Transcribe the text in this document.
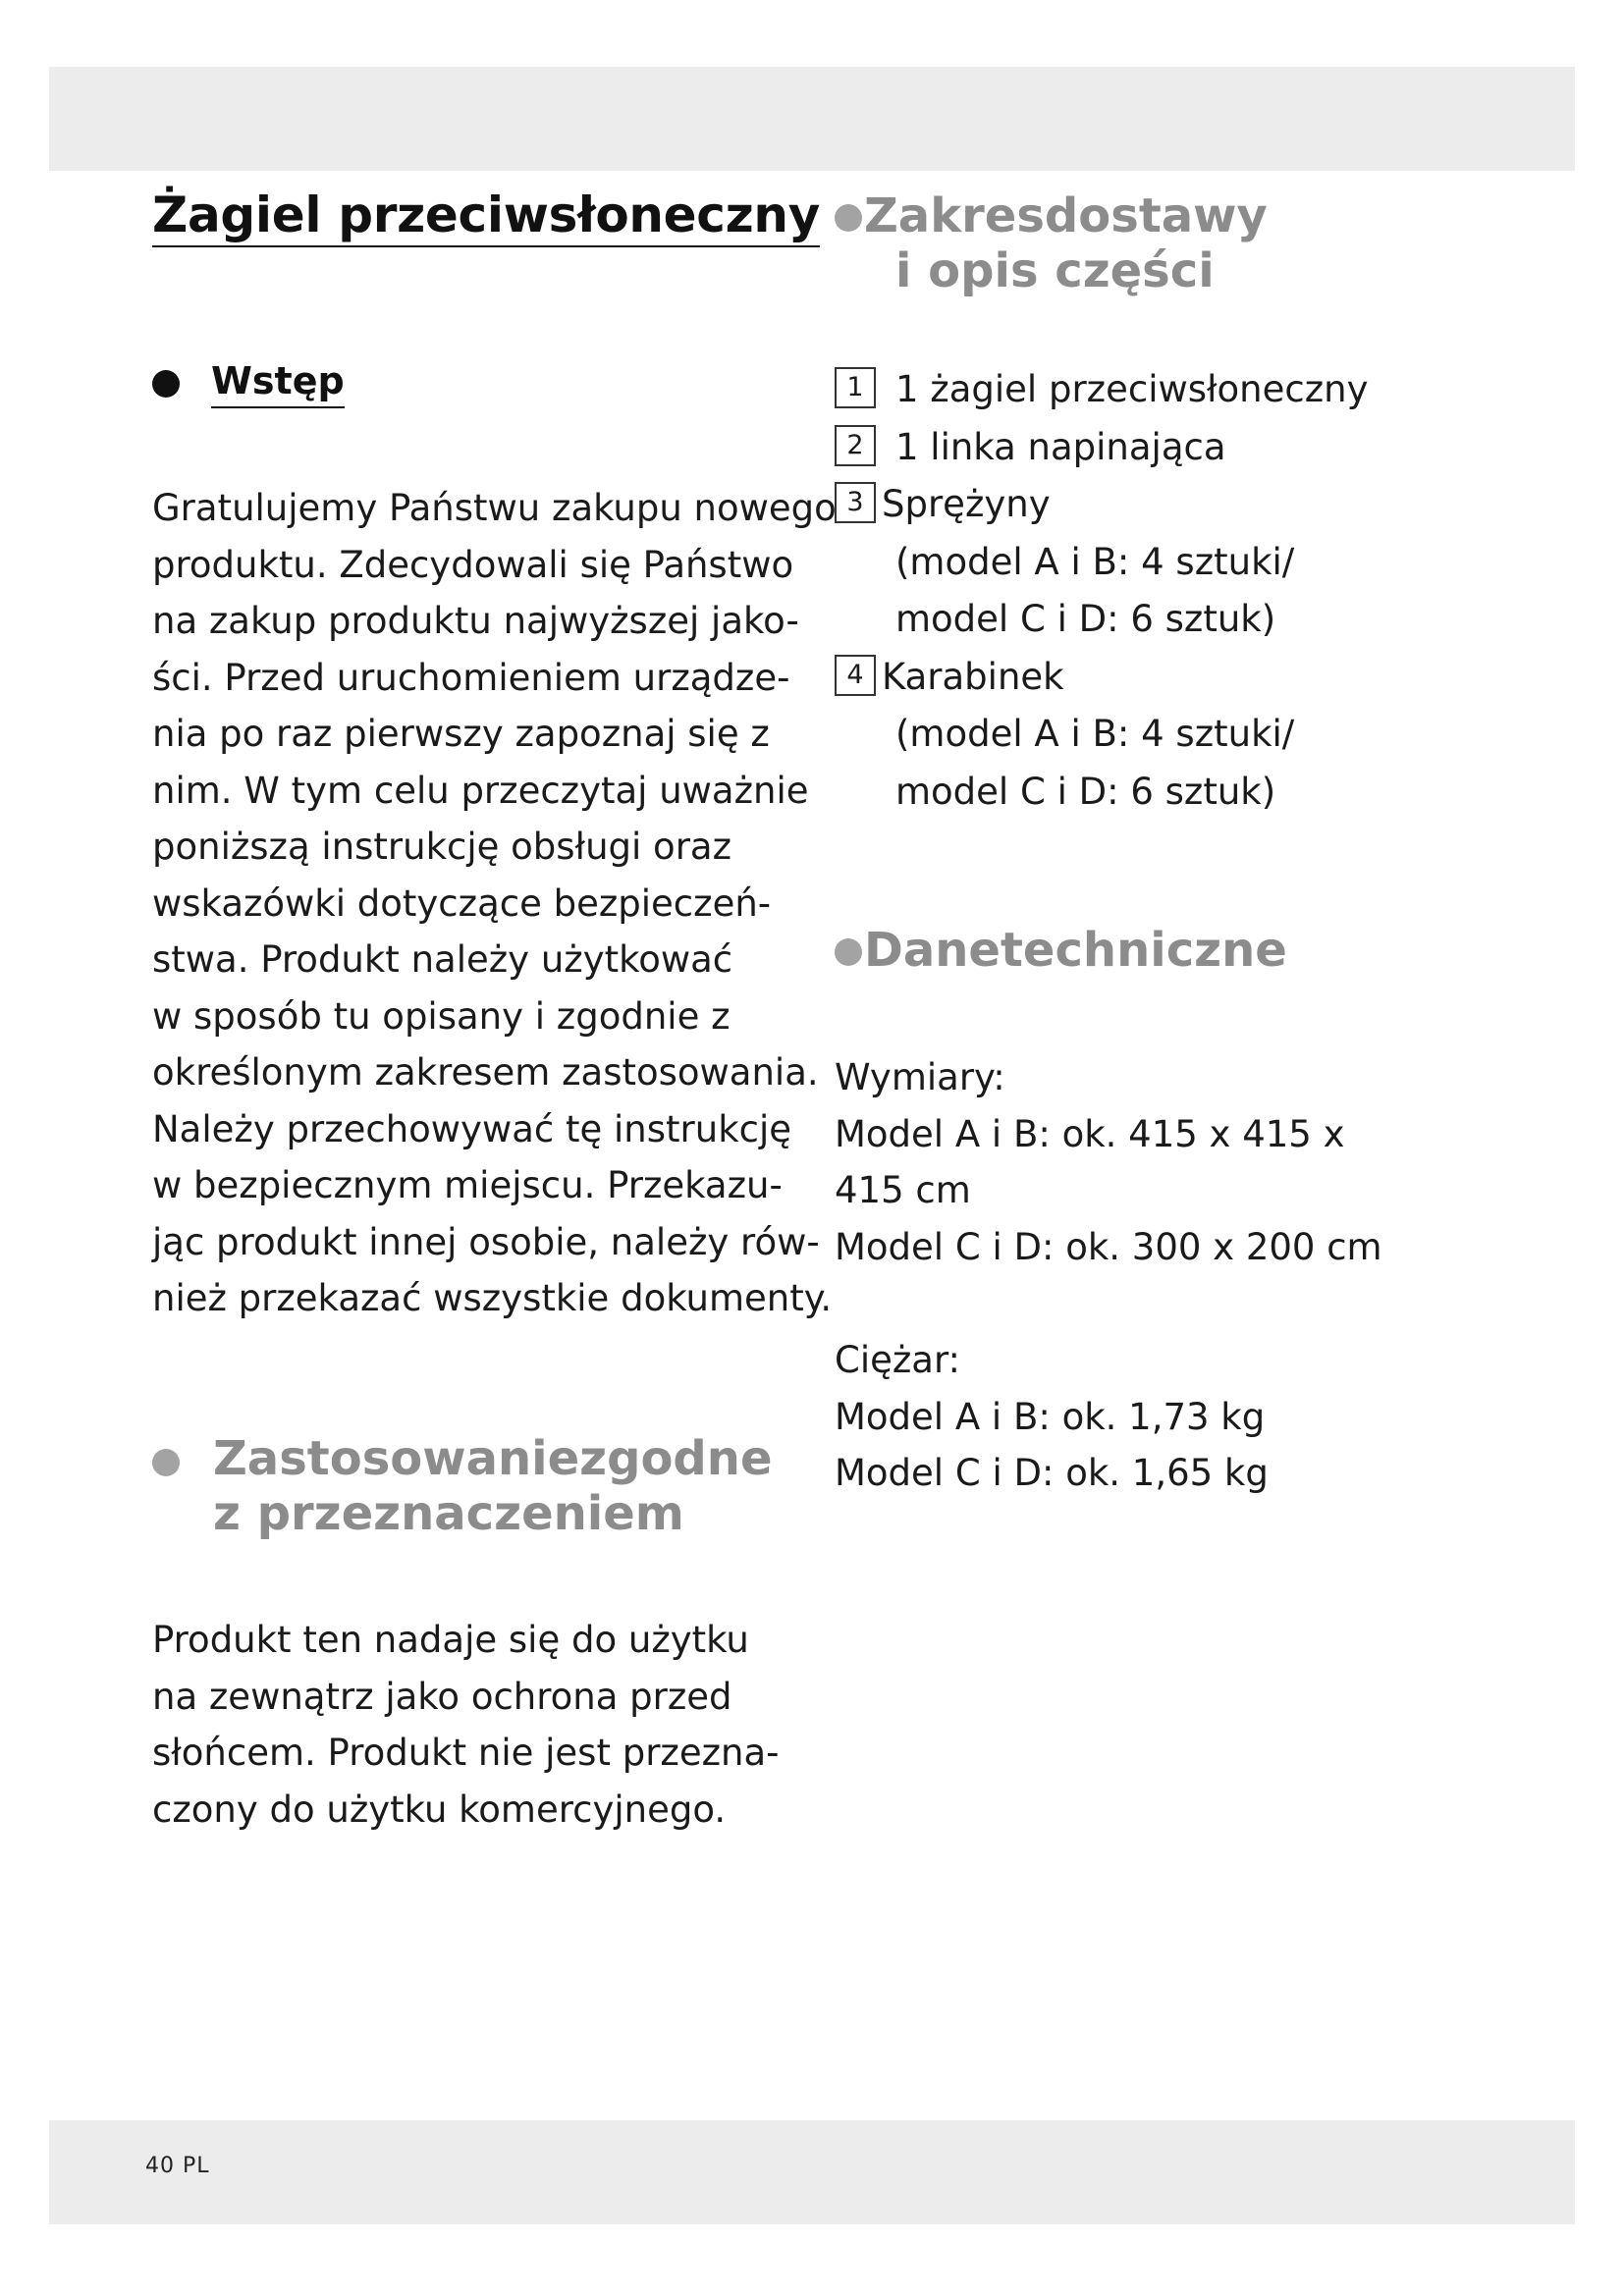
Żagiel przeciwsłoneczny
Wstęp

Gratulujemy Państwu zakupu nowego
produktu. Zdecydowali się Państwo
na zakup produktu najwyższej jako-
ści. Przed uruchomieniem urządze-
nia po raz pierwszy zapoznaj się z
nim. W tym celu przeczytaj uważnie
poniższą instrukcję obsługi oraz
wskazówki dotyczące bezpieczeń-
stwa. Produkt należy użytkować
w sposób tu opisany i zgodnie z
określonym zakresem zastosowania.
Należy przechowywać tę instrukcję
w bezpiecznym miejscu. Przekazu-
jąc produkt innej osobie, należy rów-
nież przekazać wszystkie dokumenty.

Zastosowaniezgodne
z przeznaczeniem

Produkt ten nadaje się do użytku
na zewnątrz jako ochrona przed
słońcem. Produkt nie jest przezna-
czony do użytku komercyjnego.

Zakresdostawy
i opis części
1 1 żagiel przeciwsłoneczny
2 1 linka napinająca
3 Sprężyny
(model A i B: 4 sztuki/
model C i D: 6 sztuk)
4 Karabinek
(model A i B: 4 sztuki/
model C i D: 6 sztuk)
Danetechniczne
Wymiary:
Model A i B: ok. 415 x 415 x
415 cm
Model C i D: ok. 300 x 200 cm
Ciężar:
Model A i B: ok. 1,73 kg
Model C i D: ok. 1,65 kg
40 PL
